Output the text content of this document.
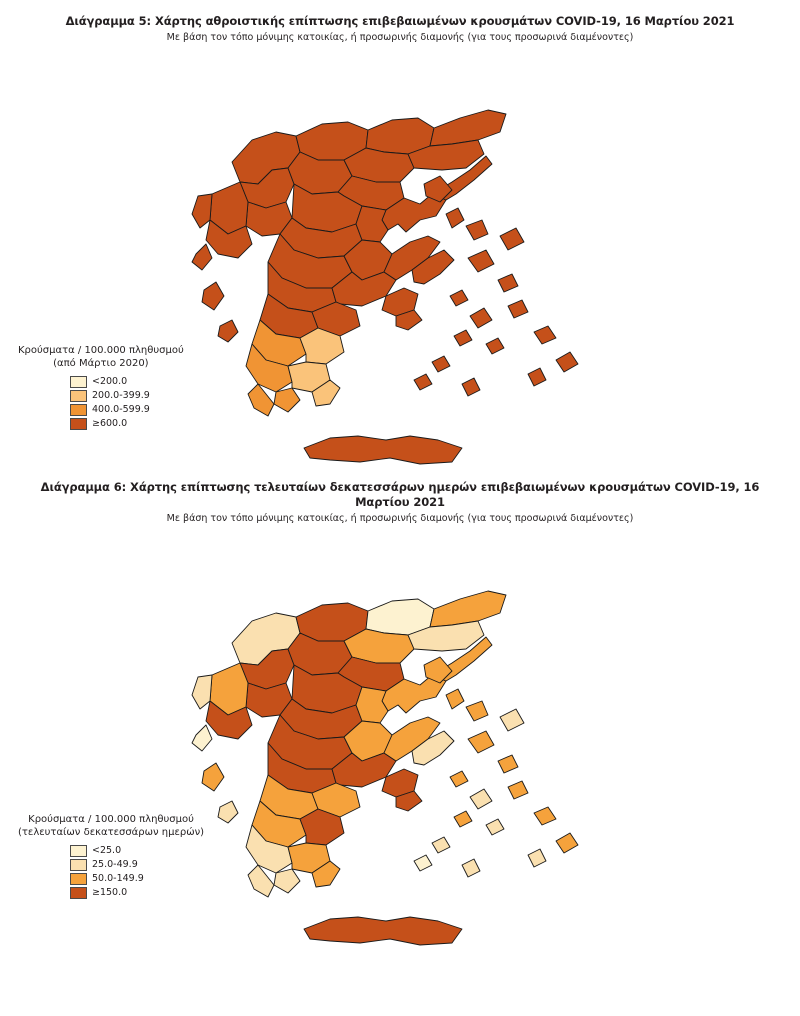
Διάγραμμα 5: Χάρτης αθροιστικής επίπτωσης επιβεβαιωμένων κρουσμάτων COVID-19, 16 Μαρτίου 2021
Με βάση τον τόπο μόνιμης κατοικίας, ή προσωρινής διαμονής (για τους προσωρινά διαμένοντες)
Κρούσματα / 100.000 πληθυσμού
(από Μάρτιο 2020)
<200.0
200.0-399.9
400.0-599.9
≥600.0
Διάγραμμα 6: Χάρτης επίπτωσης τελευταίων δεκατεσσάρων ημερών επιβεβαιωμένων κρουσμάτων COVID-19, 16 Μαρτίου 2021
Με βάση τον τόπο μόνιμης κατοικίας, ή προσωρινής διαμονής (για τους προσωρινά διαμένοντες)
Κρούσματα / 100.000 πληθυσμού
(τελευταίων δεκατεσσάρων ημερών)
<25.0
25.0-49.9
50.0-149.9
≥150.0
